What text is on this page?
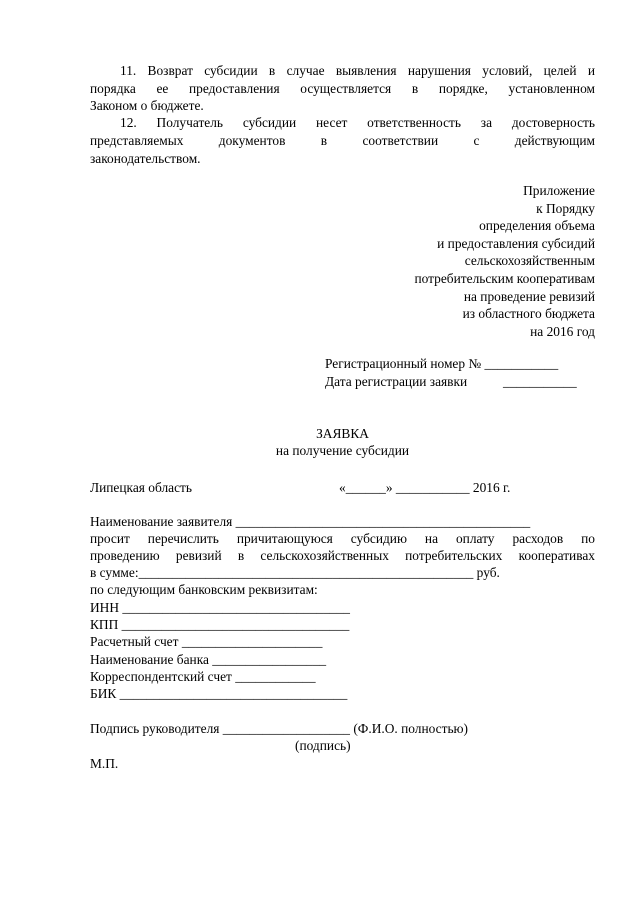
11. Возврат субсидии в случае выявления нарушения условий, целей и
порядка ее предоставления осуществляется в порядке, установленном
Законом о бюджете.
12. Получатель субсидии несет ответственность за достоверность
представляемых документов в соответствии с действующим
законодательством.
Приложение
к Порядку
определения объема
и предоставления субсидий
сельскохозяйственным
потребительским кооперативам
на проведение ревизий
из областного бюджета
на 2016 год
Регистрационный номер № ___________
Дата регистрации заявки	___________
ЗАЯВКА
на получение субсидии
Липецкая область	«______» ___________ 2016 г.
Наименование заявителя ____________________________________________
просит перечислить причитающуюся субсидию на оплату расходов по
проведению ревизий в сельскохозяйственных потребительских кооперативах
в сумме:__________________________________________________ руб.
по следующим банковским реквизитам:
ИНН __________________________________
КПП __________________________________
Расчетный счет _____________________
Наименование банка _________________
Корреспондентский счет ____________
БИК __________________________________
Подпись руководителя ___________________ (Ф.И.О. полностью)
(подпись)
М.П.
